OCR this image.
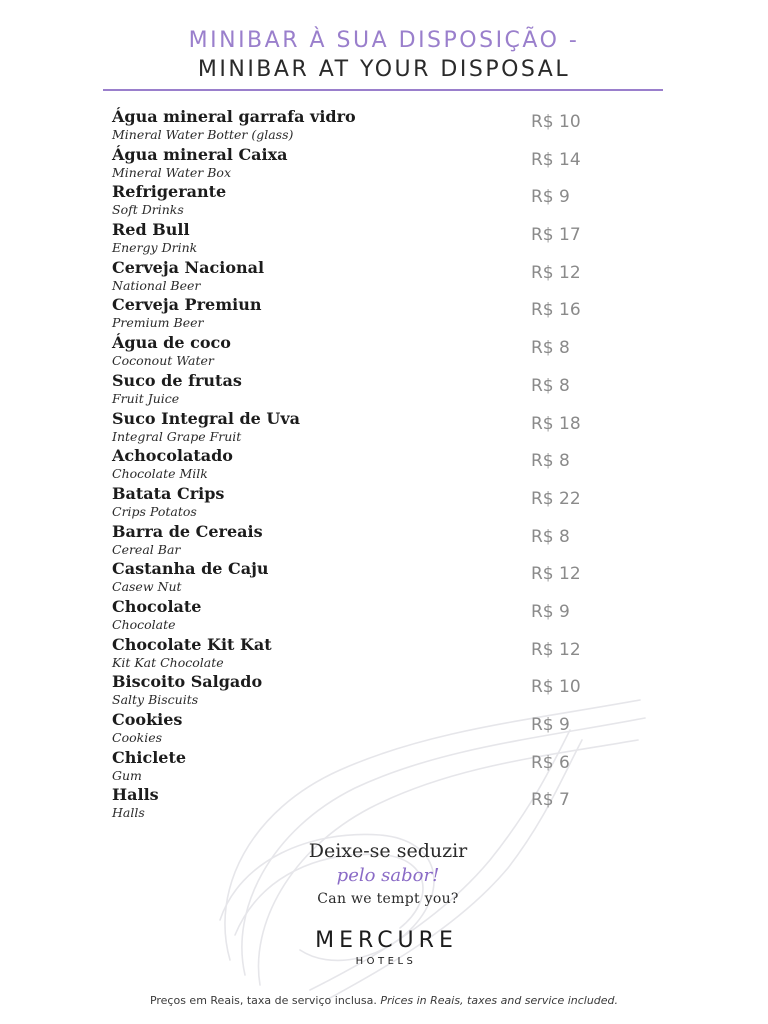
MINIBAR À SUA DISPOSIÇÃO -
MINIBAR AT YOUR DISPOSAL
Água mineral garrafa vidro
Mineral Water Botter (glass)
R$ 10
Água mineral Caixa
Mineral Water Box
R$ 14
Refrigerante
Soft Drinks
R$ 9
Red Bull
Energy Drink
R$ 17
Cerveja Nacional
National Beer
R$ 12
Cerveja Premiun
Premium Beer
R$ 16
Água de coco
Coconout Water
R$ 8
Suco de frutas
Fruit Juice
R$ 8
Suco Integral de Uva
Integral Grape Fruit
R$ 18
Achocolatado
Chocolate Milk
R$ 8
Batata Crips
Crips Potatos
R$ 22
Barra de Cereais
Cereal Bar
R$ 8
Castanha de Caju
Casew Nut
R$ 12
Chocolate
Chocolate
R$ 9
Chocolate Kit Kat
Kit Kat Chocolate
R$ 12
Biscoito Salgado
Salty Biscuits
R$ 10
Cookies
Cookies
R$ 9
Chiclete
Gum
R$ 6
Halls
Halls
R$ 7
Deixe-se seduzir
pelo sabor!
Can we tempt you?
MERCURE
HOTELS
Preços em Reais, taxa de serviço inclusa. Prices in Reais, taxes and service included.
